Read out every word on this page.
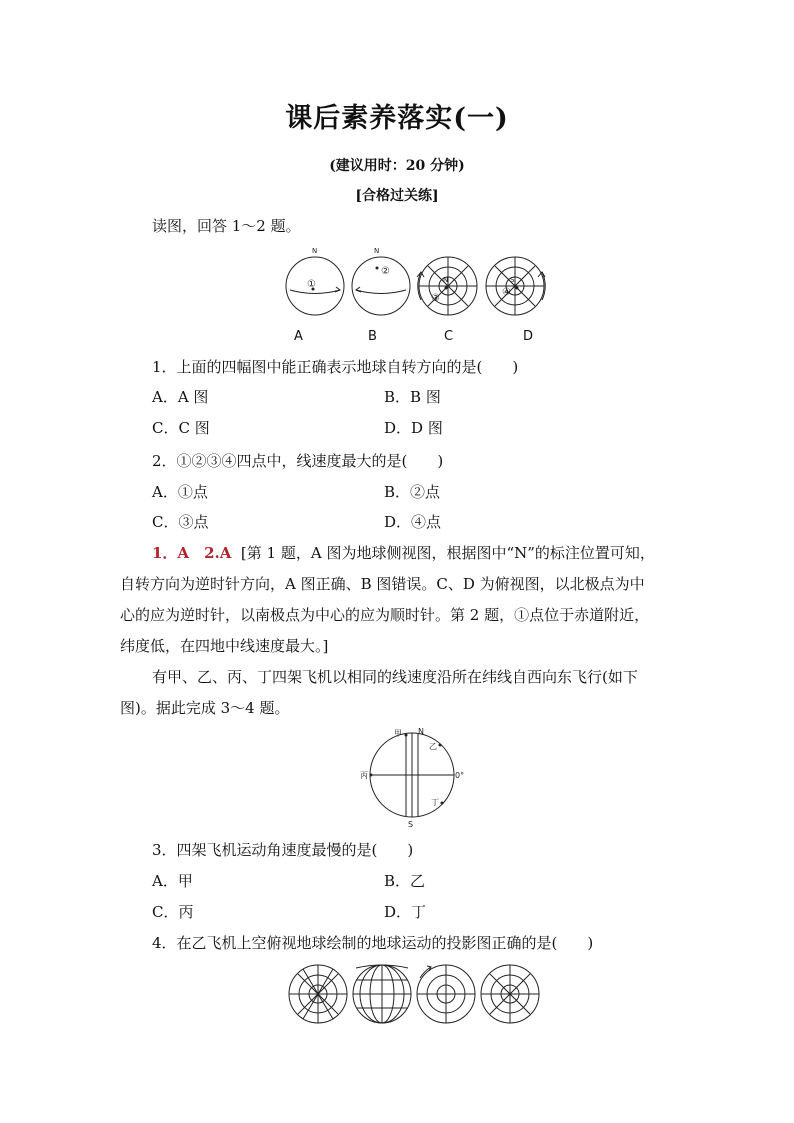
课后素养落实(一)
(建议用时：20 分钟)
[合格过关练]
读图，回答 1～2 题。
N	N
N	S
①
②
③
④
A	B	C	D
1．上面的四幅图中能正确表示地球自转方向的是(　　)
A．A 图	B．B 图
C．C 图	D．D 图
2．①②③④四点中，线速度最大的是(　　)
A．①点	B．②点
C．③点	D．④点
1．A　2.A [第 1 题，A 图为地球侧视图，根据图中“N”的标注位置可知，
自转方向为逆时针方向，A 图正确、B 图错误。C、D 为俯视图，以北极点为中
心的应为逆时针，以南极点为中心的应为顺时针。第 2 题，①点位于赤道附近，
纬度低，在四地中线速度最大。]
有甲、乙、丙、丁四架飞机以相同的线速度沿所在纬线自西向东飞行(如下
图)。据此完成 3～4 题。
甲 N
乙
丙	0°
丁
S
3．四架飞机运动角速度最慢的是(　　)
A．甲	B．乙
C．丙	D．丁
4．在乙飞机上空俯视地球绘制的地球运动的投影图正确的是(　　)
